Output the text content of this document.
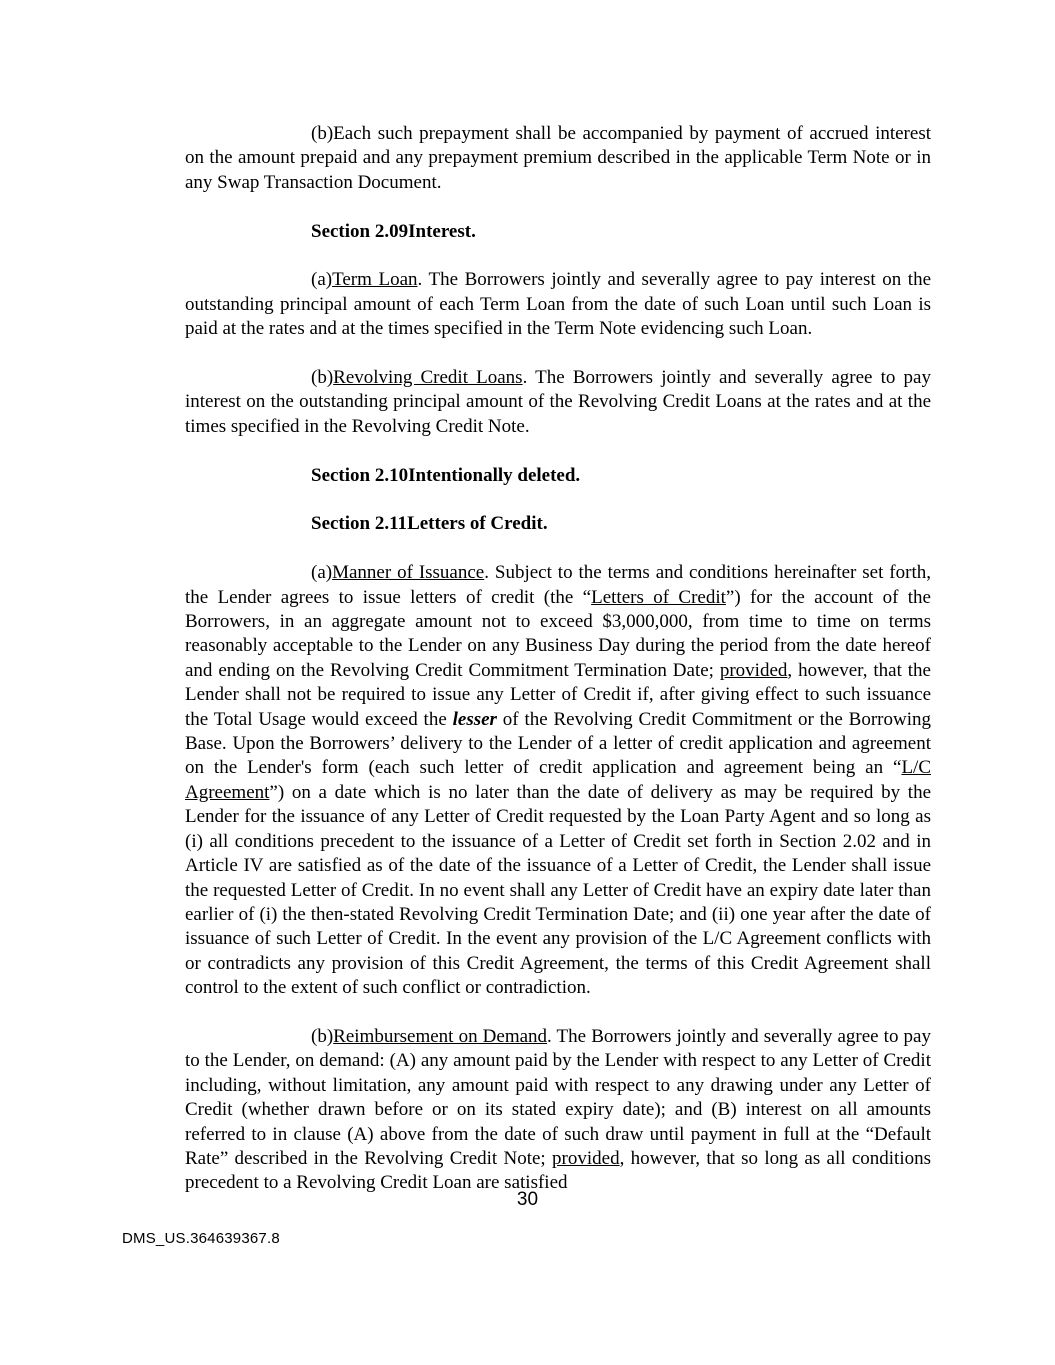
(b)Each such prepayment shall be accompanied by payment of accrued interest on the amount prepaid and any prepayment premium described in the applicable Term Note or in any Swap Transaction Document.

Section 2.09Interest.

(a)Term Loan. The Borrowers jointly and severally agree to pay interest on the outstanding principal amount of each Term Loan from the date of such Loan until such Loan is paid at the rates and at the times specified in the Term Note evidencing such Loan.

(b)Revolving Credit Loans. The Borrowers jointly and severally agree to pay interest on the outstanding principal amount of the Revolving Credit Loans at the rates and at the times specified in the Revolving Credit Note.

Section 2.10Intentionally deleted.

Section 2.11Letters of Credit.

(a)Manner of Issuance. Subject to the terms and conditions hereinafter set forth, the Lender agrees to issue letters of credit (the “Letters of Credit”) for the account of the Borrowers, in an aggregate amount not to exceed $3,000,000, from time to time on terms reasonably acceptable to the Lender on any Business Day during the period from the date hereof and ending on the Revolving Credit Commitment Termination Date; provided, however, that the Lender shall not be required to issue any Letter of Credit if, after giving effect to such issuance the Total Usage would exceed the lesser of the Revolving Credit Commitment or the Borrowing Base. Upon the Borrowers’ delivery to the Lender of a letter of credit application and agreement on the Lender's form (each such letter of credit application and agreement being an “L/C Agreement”) on a date which is no later than the date of delivery as may be required by the Lender for the issuance of any Letter of Credit requested by the Loan Party Agent and so long as (i) all conditions precedent to the issuance of a Letter of Credit set forth in Section 2.02 and in Article IV are satisfied as of the date of the issuance of a Letter of Credit, the Lender shall issue the requested Letter of Credit. In no event shall any Letter of Credit have an expiry date later than earlier of (i) the then-stated Revolving Credit Termination Date; and (ii) one year after the date of issuance of such Letter of Credit. In the event any provision of the L/C Agreement conflicts with or contradicts any provision of this Credit Agreement, the terms of this Credit Agreement shall control to the extent of such conflict or contradiction.

(b)Reimbursement on Demand. The Borrowers jointly and severally agree to pay to the Lender, on demand: (A) any amount paid by the Lender with respect to any Letter of Credit including, without limitation, any amount paid with respect to any drawing under any Letter of Credit (whether drawn before or on its stated expiry date); and (B) interest on all amounts referred to in clause (A) above from the date of such draw until payment in full at the “Default Rate” described in the Revolving Credit Note; provided, however, that so long as all conditions precedent to a Revolving Credit Loan are satisfied

30
DMS_US.364639367.8
